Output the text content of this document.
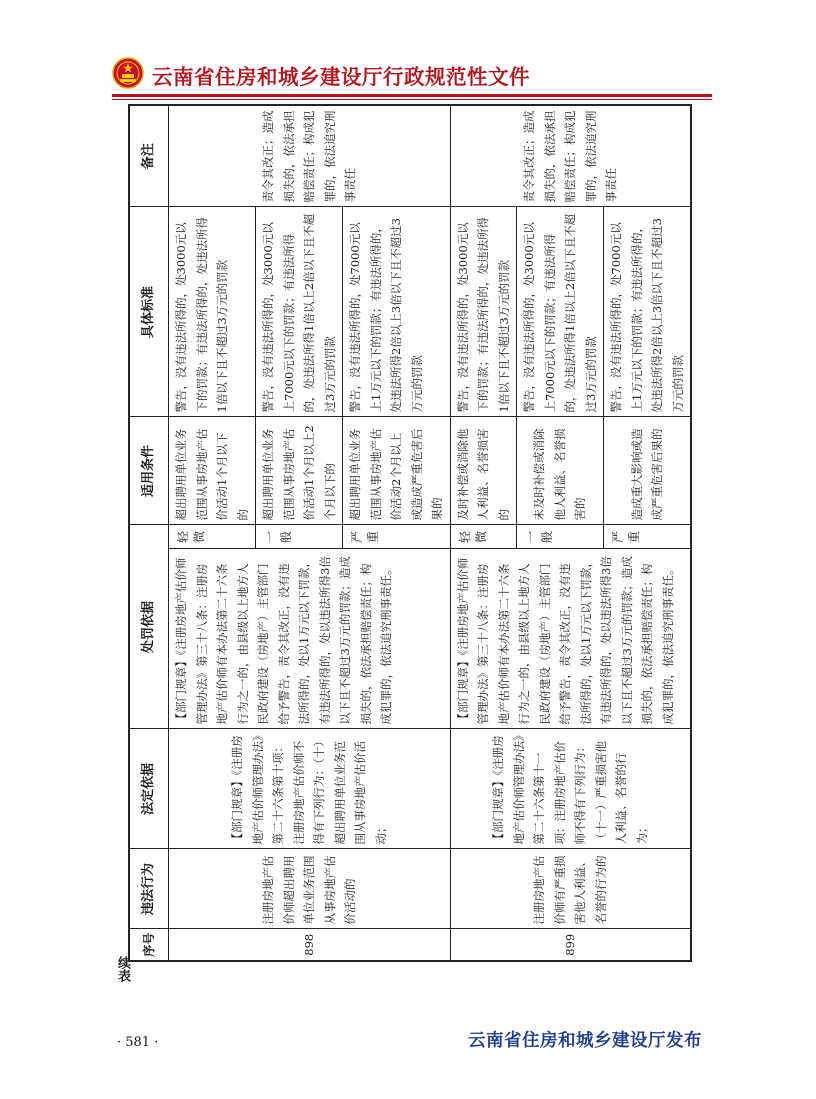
云南省住房和城乡建设厅行政规范性文件
续表
序号	违法行为	法定依据	处罚依据		适用条件	具体标准	备注
898	注册房地产估价师超出聘用单位业务范围从事房地产估价活动的	【部门规章】《注册房地产估价师管理办法》第二十六条第十项：注册房地产估价师不得有下列行为：（十）超出聘用单位业务范围从事房地产估价活动；	【部门规章】《注册房地产估价师管理办法》第三十八条：注册房地产估价师有本办法第二十六条行为之一的，由县级以上地方人民政府建设（房地产）主管部门给予警告，责令其改正，没有违法所得的，处以1万元以下罚款，有违法所得的，处以违法所得3倍以下且不超过3万元的罚款；造成损失的，依法承担赔偿责任；构成犯罪的，依法追究刑事责任。	轻微	超出聘用单位业务范围从事房地产估价活动1个月以下的	警告，没有违法所得的，处3000元以下的罚款；有违法所得的，处违法所得1倍以下且不超过3万元的罚款	责令其改正；造成损失的，依法承担赔偿责任；构成犯罪的，依法追究刑事责任

				一般	超出聘用单位业务范围从事房地产估价活动1个月以上2个月以下的	警告，没有违法所得的，处3000元以上7000元以下的罚款；有违法所得的，处违法所得1倍以上2倍以下且不超过3万元的罚款	

				严重	超出聘用单位业务范围从事房地产估价活动2个月以上或造成严重危害后果的	警告，没有违法所得的，处7000元以上1万元以下的罚款；有违法所得的，处违法所得2倍以上3倍以下且不超过3万元的罚款	
899	注册房地产估价师有严重损害他人利益、名誉的行为的	【部门规章】《注册房地产估价师管理办法》第二十六条第十一项：注册房地产估价师不得有下列行为：（十一）严重损害他人利益、名誉的行为；	【部门规章】《注册房地产估价师管理办法》第三十八条：注册房地产估价师有本办法第二十六条行为之一的，由县级以上地方人民政府建设（房地产）主管部门给予警告，责令其改正，没有违法所得的，处以1万元以下罚款，有违法所得的，处以违法所得3倍以下且不超过3万元的罚款；造成损失的，依法承担赔偿责任；构成犯罪的，依法追究刑事责任。	轻微	及时补偿或消除他人利益、名誉损害的	警告，没有违法所得的，处3000元以下的罚款；有违法所得的，处违法所得1倍以下且不超过3万元的罚款	责令其改正；造成损失的，依法承担赔偿责任；构成犯罪的，依法追究刑事责任

				一般	未及时补偿或消除他人利益、名誉损害的	警告，没有违法所得的，处3000元以上7000元以下的罚款；有违法所得的，处违法所得1倍以上2倍以下且不超过3万元的罚款	

				严重	造成重大影响或造成严重危害后果的	警告，没有违法所得的，处7000元以上1万元以下的罚款；有违法所得的，处违法所得2倍以上3倍以下且不超过3万元的罚款	
· 581 ·	云南省住房和城乡建设厅发布
